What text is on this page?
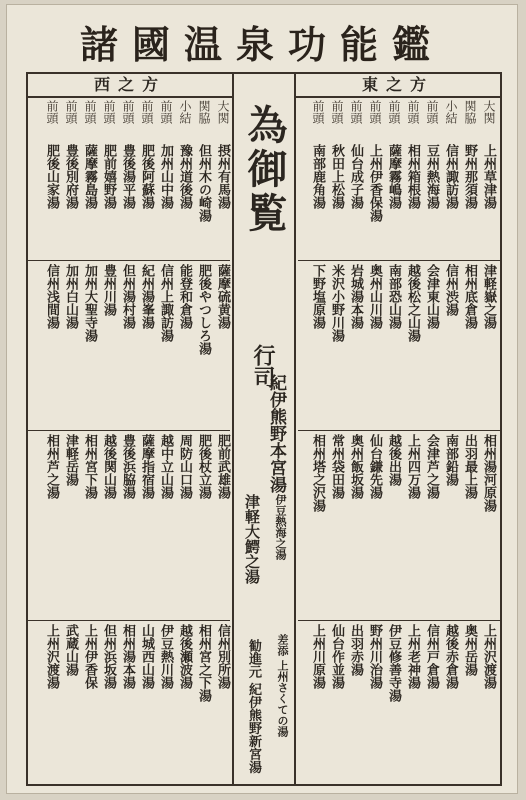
諸國温泉功能鑑
西之方	東之方
為御覧
行司
紀伊熊野本宮湯
伊豆熱海之湯
津軽大鰐之湯
差添 上州さくての湯
勧進元 紀伊熊野新宮湯
大関
関脇
小結
前頭
前頭
前頭
前頭
前頭
前頭
前頭
摂州有馬湯
但州木の崎湯
豫州道後湯
加州山中湯
肥後阿蘇湯
豊後湯平湯
肥前嬉野湯
薩摩霧島湯
豊後別府湯
肥後山家湯
薩摩硫黄湯
肥後やつしろ湯
能登和倉湯
信州上諏訪湯
紀州湯峯湯
但州湯村湯
豊州川湯
加州大聖寺湯
加州白山湯
信州浅間湯
肥前武雄湯
肥後杖立湯
周防山口湯
越中立山湯
薩摩指宿湯
豊後浜脇湯
越後関山湯
相州宮下湯
津軽岳湯
相州芦之湯
信州別所湯
相州宮之下湯
越後瀬波湯
伊豆熱川湯
山城西山湯
相州湯本湯
但州浜坂湯
上州伊香保
武蔵山湯
上州沢渡湯
大関
関脇
小結
前頭
前頭
前頭
前頭
前頭
前頭
前頭
上州草津湯
野州那須湯
信州諏訪湯
豆州熱海湯
相州箱根湯
薩摩霧嶋湯
上州伊香保湯
仙台成子湯
秋田上松湯
南部鹿角湯
津軽嶽之湯
相州底倉湯
信州渋湯
会津東山湯
越後松之山湯
南部恐山湯
奥州山川湯
岩城湯本湯
米沢小野川湯
下野塩原湯
相州湯河原湯
出羽最上湯
南部鉛湯
会津芦之湯
上州四万湯
越後出湯
仙台鎌先湯
奥州飯坂湯
常州袋田湯
相州塔之沢湯
上州沢渡湯
奥州岳湯
越後赤倉湯
信州戸倉湯
上州老神湯
伊豆修善寺湯
野州川治湯
出羽赤湯
仙台作並湯
上州川原湯
